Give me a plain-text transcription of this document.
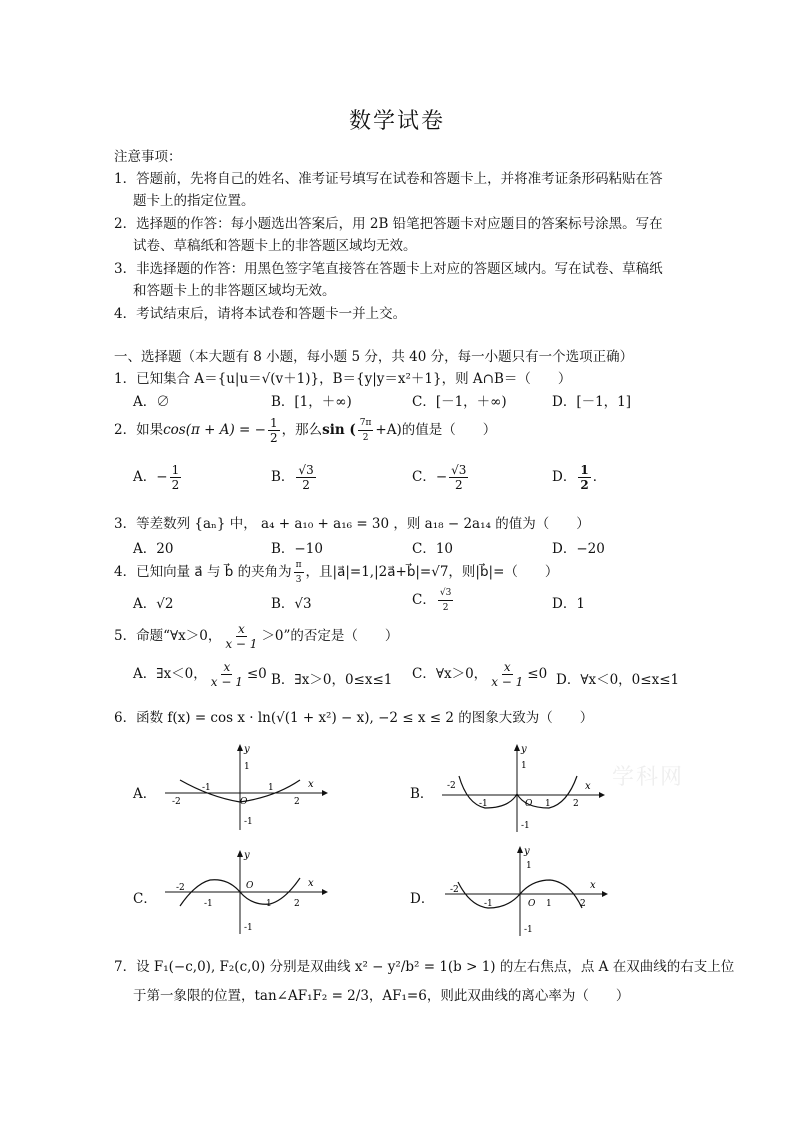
数学试卷
注意事项：
1．答题前，先将自己的姓名、准考证号填写在试卷和答题卡上，并将准考证条形码粘贴在答
题卡上的指定位置。
2．选择题的作答：每小题选出答案后，用 2B 铅笔把答题卡对应题目的答案标号涂黑。写在
试卷、草稿纸和答题卡上的非答题区域均无效。
3．非选择题的作答：用黑色签字笔直接答在答题卡上对应的答题区域内。写在试卷、草稿纸
和答题卡上的非答题区域均无效。
4．考试结束后，请将本试卷和答题卡一并上交。
一、选择题（本大题有 8 小题，每小题 5 分，共 40 分，每一小题只有一个选项正确）
1．已知集合 A＝{u|u＝√(v＋1)}，B＝{y|y＝x²＋1}，则 A∩B＝（　　）
A．∅	B．[1，＋∞)	C．[－1，＋∞)	D．[－1，1]
2．如果cos(π + A) = − $\frac{1}{2}$ ，那么sin ( $\frac{7\pi}{2} +A$)的值是（　　）
A．− $\frac{1}{2}$	B． $\frac{√3}{2}$	C．− $\frac{√3}{2}$	D． $\frac{1}{2}$ ．
3．等差数列 {aₙ} 中， a₄ + a₁₀ + a₁₆ = 30 ，则 a₁₈ − 2a₁₄ 的值为（　　）
A．20	B．−10	C．10	D．−20
4．已知向量 a⃗ 与 b⃗ 的夹角为 $\frac{\pi}{3}$ ，且|a⃗|=1,|2a⃗+b⃗|=√7，则|b⃗|=（　　）
A．√2	B．√3	C． $\frac{√3}{2}$	D．1
5．命题“∀x＞0， $\frac{x}{x - 1} >0$”的否定是（　　）
A．∃x＜0， $\frac{x}{x - 1} \le 0$ B．∃x＞0，0≤x≤1 C．∀x＞0， $\frac{x}{x - 1} \le 0$ D．∀x＜0，0≤x≤1
6．函数 f(x) = cos x · ln(√(1 + x²) − x), −2 ≤ x ≤ 2 的图象大致为（　　）
A．	B．
C．	D．
y
x
1
-1
-2
-1	1
2
O
y
x
1
-1
-2
-1	1 2
O
y
x
-2	O
-1	1 2
-1
y
1
x
-2
-1	O 1	2
-1
7．设 F₁(−c,0), F₂(c,0) 分别是双曲线 x² − y²/b² = 1(b > 1) 的左右焦点，点 A 在双曲线的右支上位
于第一象限的位置，tan∠AF₁F₂ = 2/3，AF₁=6，则此双曲线的离心率为（　　）
学科网
